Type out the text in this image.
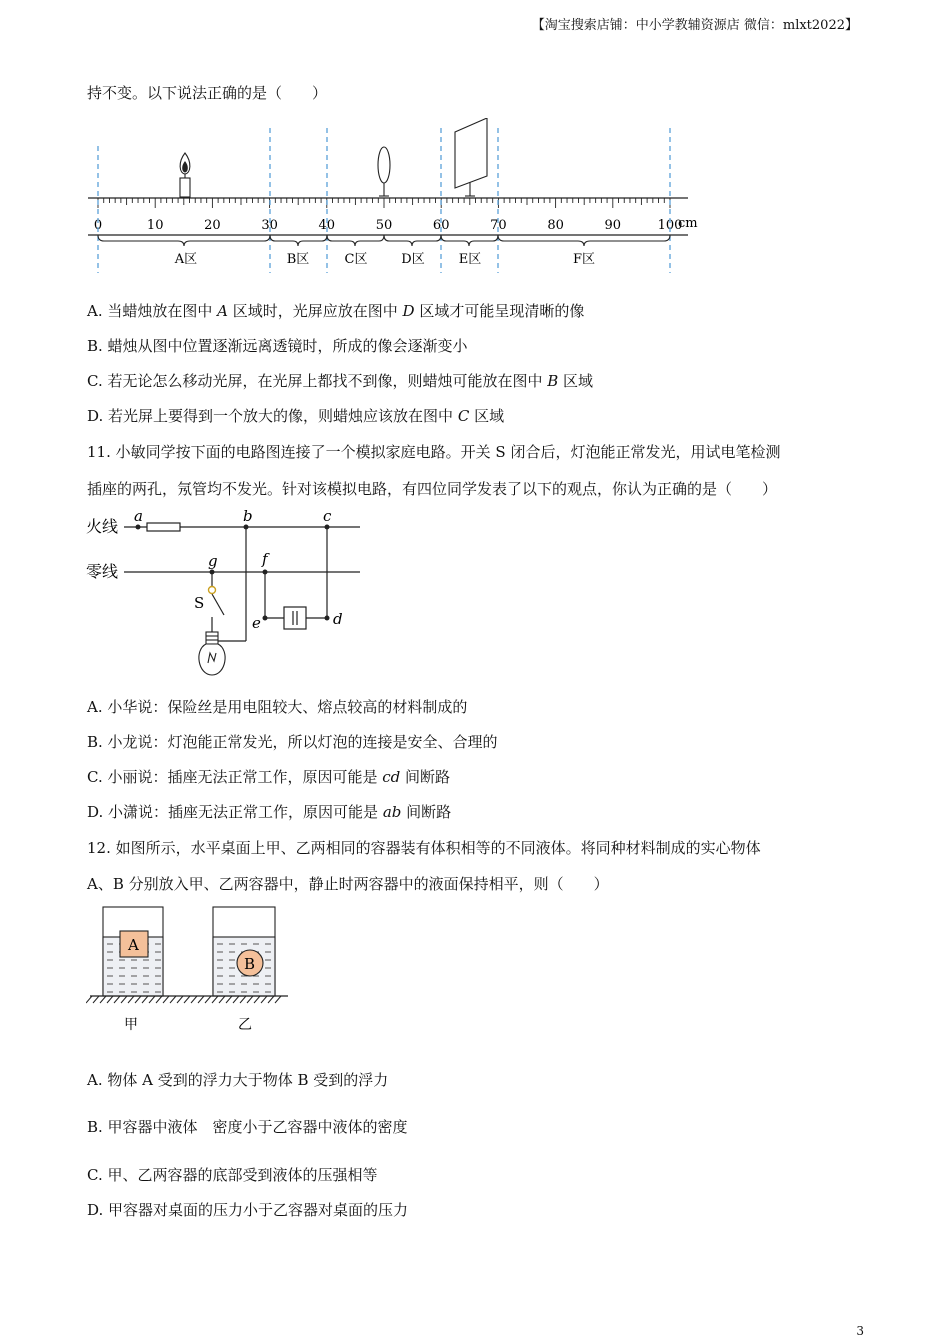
【淘宝搜索店铺：中小学教辅资源店 微信：mlxt2022】
持不变。以下说法正确的是（　　）
0	10	20	30	40	50	60	70	80	90	100
cm
A区	B区	C区	D区	E区	F区
A. 当蜡烛放在图中 A 区域时，光屏应放在图中 D 区域才可能呈现清晰的像
B. 蜡烛从图中位置逐渐远离透镜时，所成的像会逐渐变小
C. 若无论怎么移动光屏，在光屏上都找不到像，则蜡烛可能放在图中 B 区域
D. 若光屏上要得到一个放大的像，则蜡烛应该放在图中 C 区域
11. 小敏同学按下面的电路图连接了一个模拟家庭电路。开关 S 闭合后，灯泡能正常发光，用试电笔检测
插座的两孔，氖管均不发光。针对该模拟电路，有四位同学发表了以下的观点，你认为正确的是（　　）
火线
零线
S
a	b	c
g	f
e	d
A. 小华说：保险丝是用电阻较大、熔点较高的材料制成的
B. 小龙说：灯泡能正常发光，所以灯泡的连接是安全、合理的
C. 小丽说：插座无法正常工作，原因可能是 cd 间断路
D. 小潇说：插座无法正常工作，原因可能是 ab 间断路
12. 如图所示，水平桌面上甲、乙两相同的容器装有体积相等的不同液体。将同种材料制成的实心物体
A、B 分别放入甲、乙两容器中，静止时两容器中的液面保持相平，则（　　）
A
B
甲	乙
A. 物体 A 受到的浮力大于物体 B 受到的浮力
B. 甲容器中液体　密度小于乙容器中液体的密度
C. 甲、乙两容器的底部受到液体的压强相等
D. 甲容器对桌面的压力小于乙容器对桌面的压力
3
